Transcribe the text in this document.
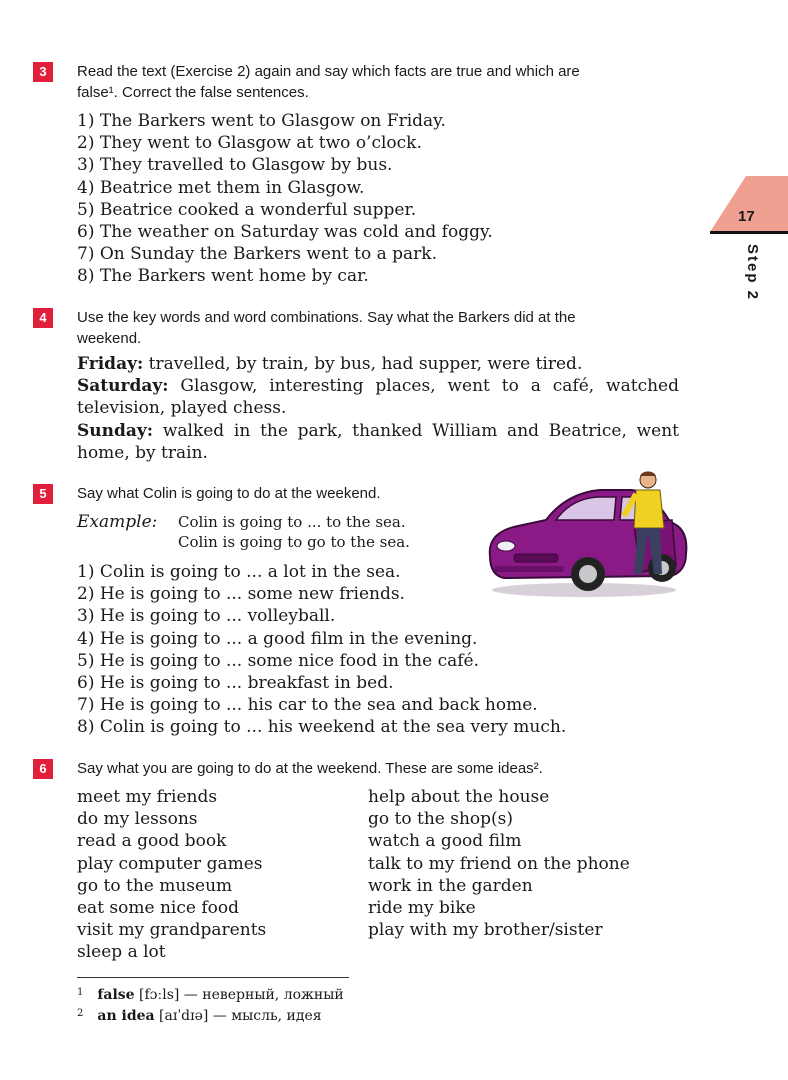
17
Step 2
3	Read the text (Exercise 2) again and say which facts are true and which are
false¹. Correct the false sentences.
1) The Barkers went to Glasgow on Friday.
2) They went to Glasgow at two o’clock.
3) They travelled to Glasgow by bus.
4) Beatrice met them in Glasgow.
5) Beatrice cooked a wonderful supper.
6) The weather on Saturday was cold and foggy.
7) On Sunday the Barkers went to a park.
8) The Barkers went home by car.
4	Use the key words and word combinations. Say what the Barkers did at the
weekend.
Friday: travelled, by train, by bus, had supper, were tired.
Saturday: Glasgow, interesting places, went to a café, watched television, played chess.
Sunday: walked in the park, thanked William and Beatrice, went home, by train.
5	Say what Colin is going to do at the weekend.
Example: Colin is going to ... to the sea.
Colin is going to go to the sea.
1) Colin is going to ... a lot in the sea.
2) He is going to ... some new friends.
3) He is going to ... volleyball.
4) He is going to ... a good film in the evening.
5) He is going to ... some nice food in the café.
6) He is going to ... breakfast in bed.
7) He is going to ... his car to the sea and back home.
8) Colin is going to ... his weekend at the sea very much.
6	Say what you are going to do at the weekend. These are some ideas².
meet my friends
do my lessons
read a good book
play computer games
go to the museum
eat some nice food
visit my grandparents
sleep a lot
help about the house
go to the shop(s)
watch a good film
talk to my friend on the phone
work in the garden
ride my bike
play with my brother/sister
$^1$ false [fɔːls] — неверный, ложный
$^2$ an idea [aɪˈdɪə] — мысль, идея
